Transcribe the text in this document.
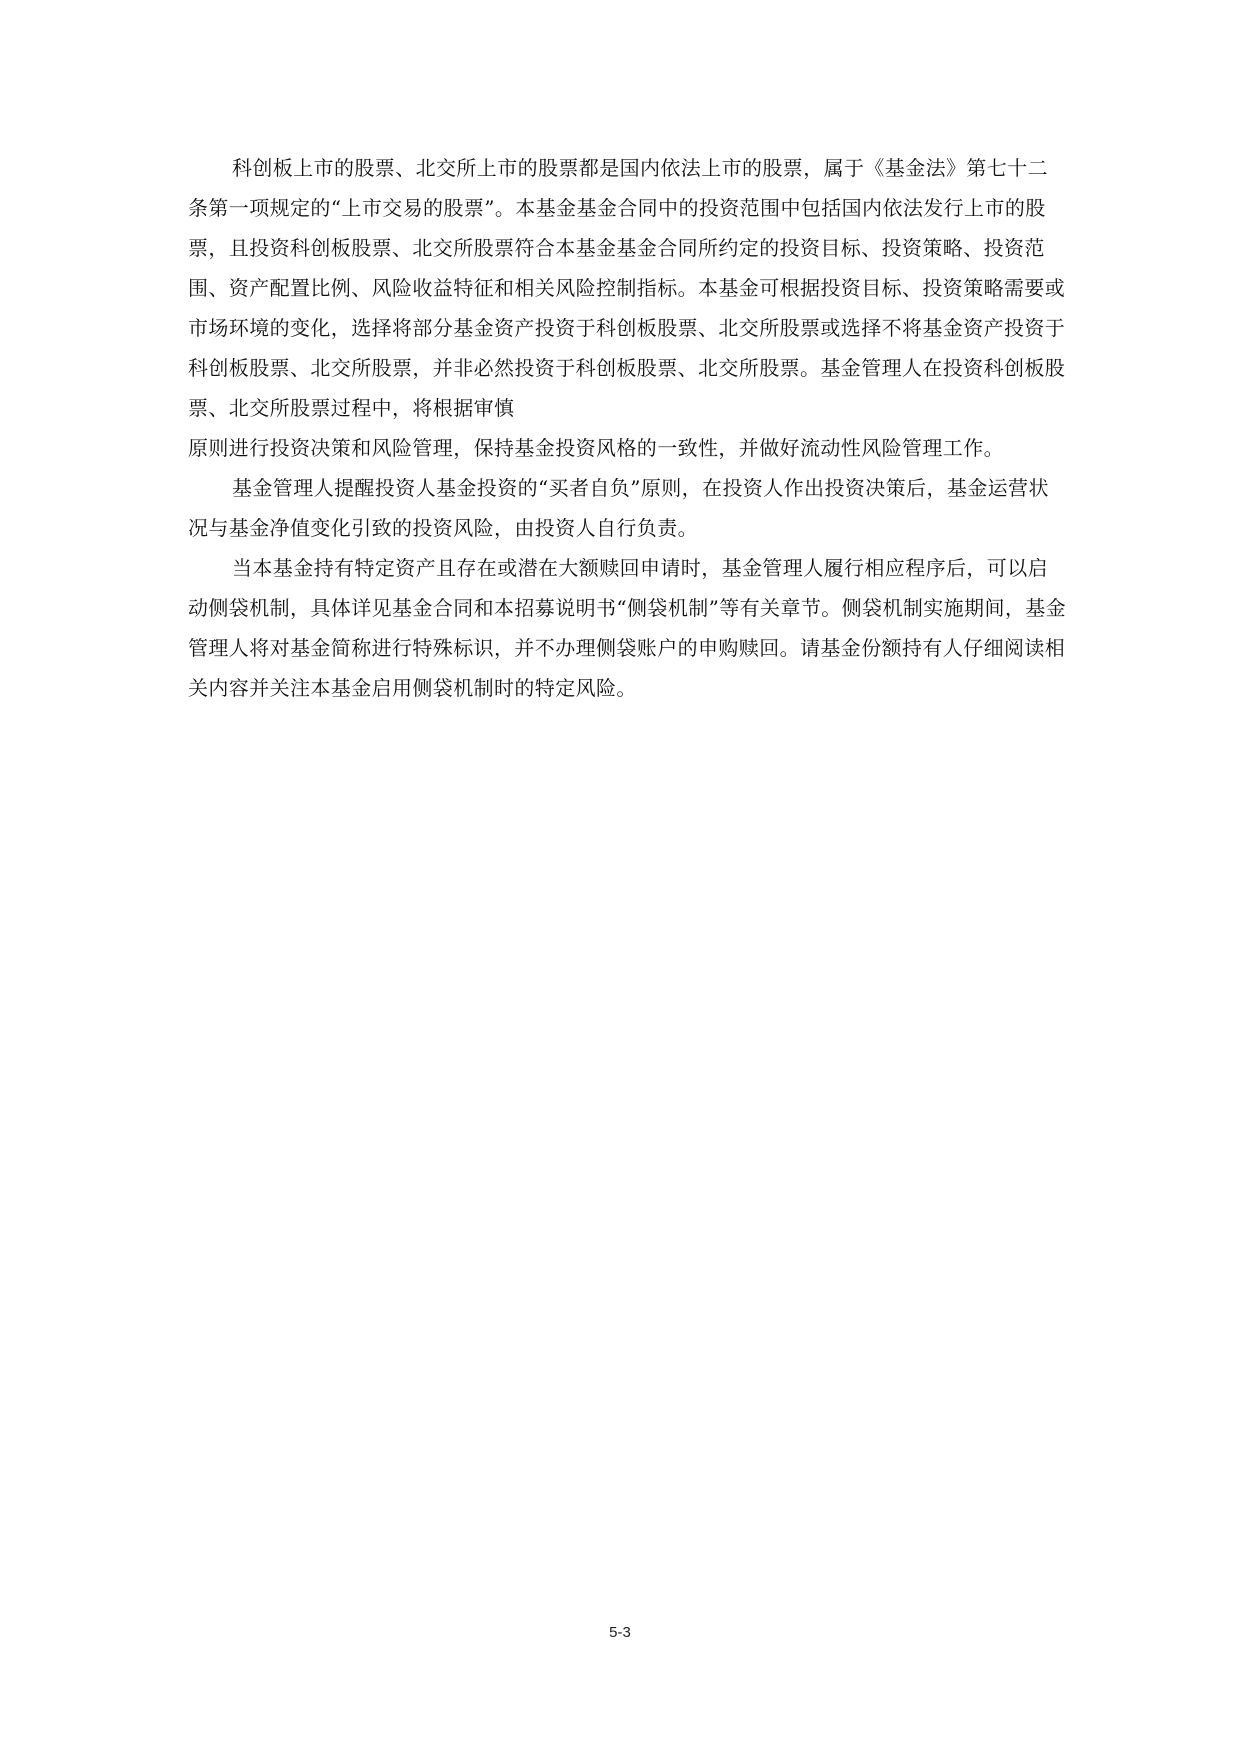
科创板上市的股票、北交所上市的股票都是国内依法上市的股票，属于《基金法》第七十二条第一项规定的“上市交易的股票”。本基金基金合同中的投资范围中包括国内依法发行上市的股票，且投资科创板股票、北交所股票符合本基金基金合同所约定的投资目标、投资策略、投资范围、资产配置比例、风险收益特征和相关风险控制指标。本基金可根据投资目标、投资策略需要或市场环境的变化，选择将部分基金资产投资于科创板股票、北交所股票或选择不将基金资产投资于科创板股票、北交所股票，并非必然投资于科创板股票、北交所股票。基金管理人在投资科创板股票、北交所股票过程中，将根据审慎

原则进行投资决策和风险管理，保持基金投资风格的一致性，并做好流动性风险管理工作。

基金管理人提醒投资人基金投资的“买者自负”原则，在投资人作出投资决策后，基金运营状况与基金净值变化引致的投资风险，由投资人自行负责。

当本基金持有特定资产且存在或潜在大额赎回申请时，基金管理人履行相应程序后，可以启动侧袋机制，具体详见基金合同和本招募说明书“侧袋机制”等有关章节。侧袋机制实施期间，基金管理人将对基金简称进行特殊标识，并不办理侧袋账户的申购赎回。请基金份额持有人仔细阅读相关内容并关注本基金启用侧袋机制时的特定风险。

5-3
